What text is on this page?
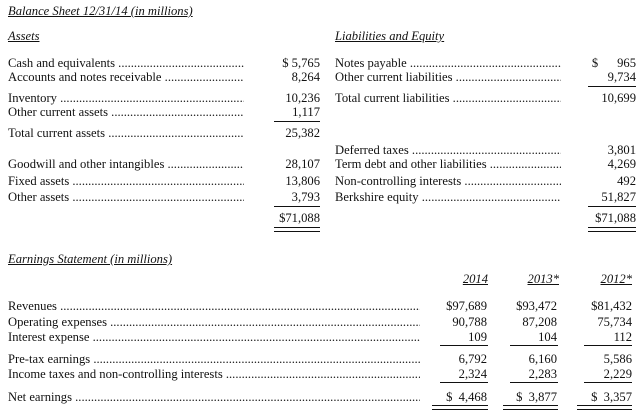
Balance Sheet 12/31/14 (in millions)
Assets
Cash and equivalents .....	$ 5,765
Accounts and notes receivable .....	8,264
Inventory .....	10,236
Other current assets .....	1,117
Total current assets .....	25,382
Goodwill and other intangibles .....	28,107
Fixed assets .....	13,806
Other assets .....	3,793
$71,088
Liabilities and Equity
Notes payable .....	$      965
Other current liabilities .....	9,734
Total current liabilities .....	10,699
Deferred taxes .....	3,801
Term debt and other liabilities .....	4,269
Non-controlling interests .....	492
Berkshire equity .....	51,827
$71,088
Earnings Statement (in millions)
2014	2013*	2012*
Revenues .....	$97,689	$93,472	$81,432
Operating expenses .....	90,788	87,208	75,734
Interest expense .....	109	104	112
Pre-tax earnings .....	6,792	6,160	5,586
Income taxes and non-controlling interests .....	2,324	2,283	2,229
Net earnings .....	$  4,468	$  3,877	$  3,357
